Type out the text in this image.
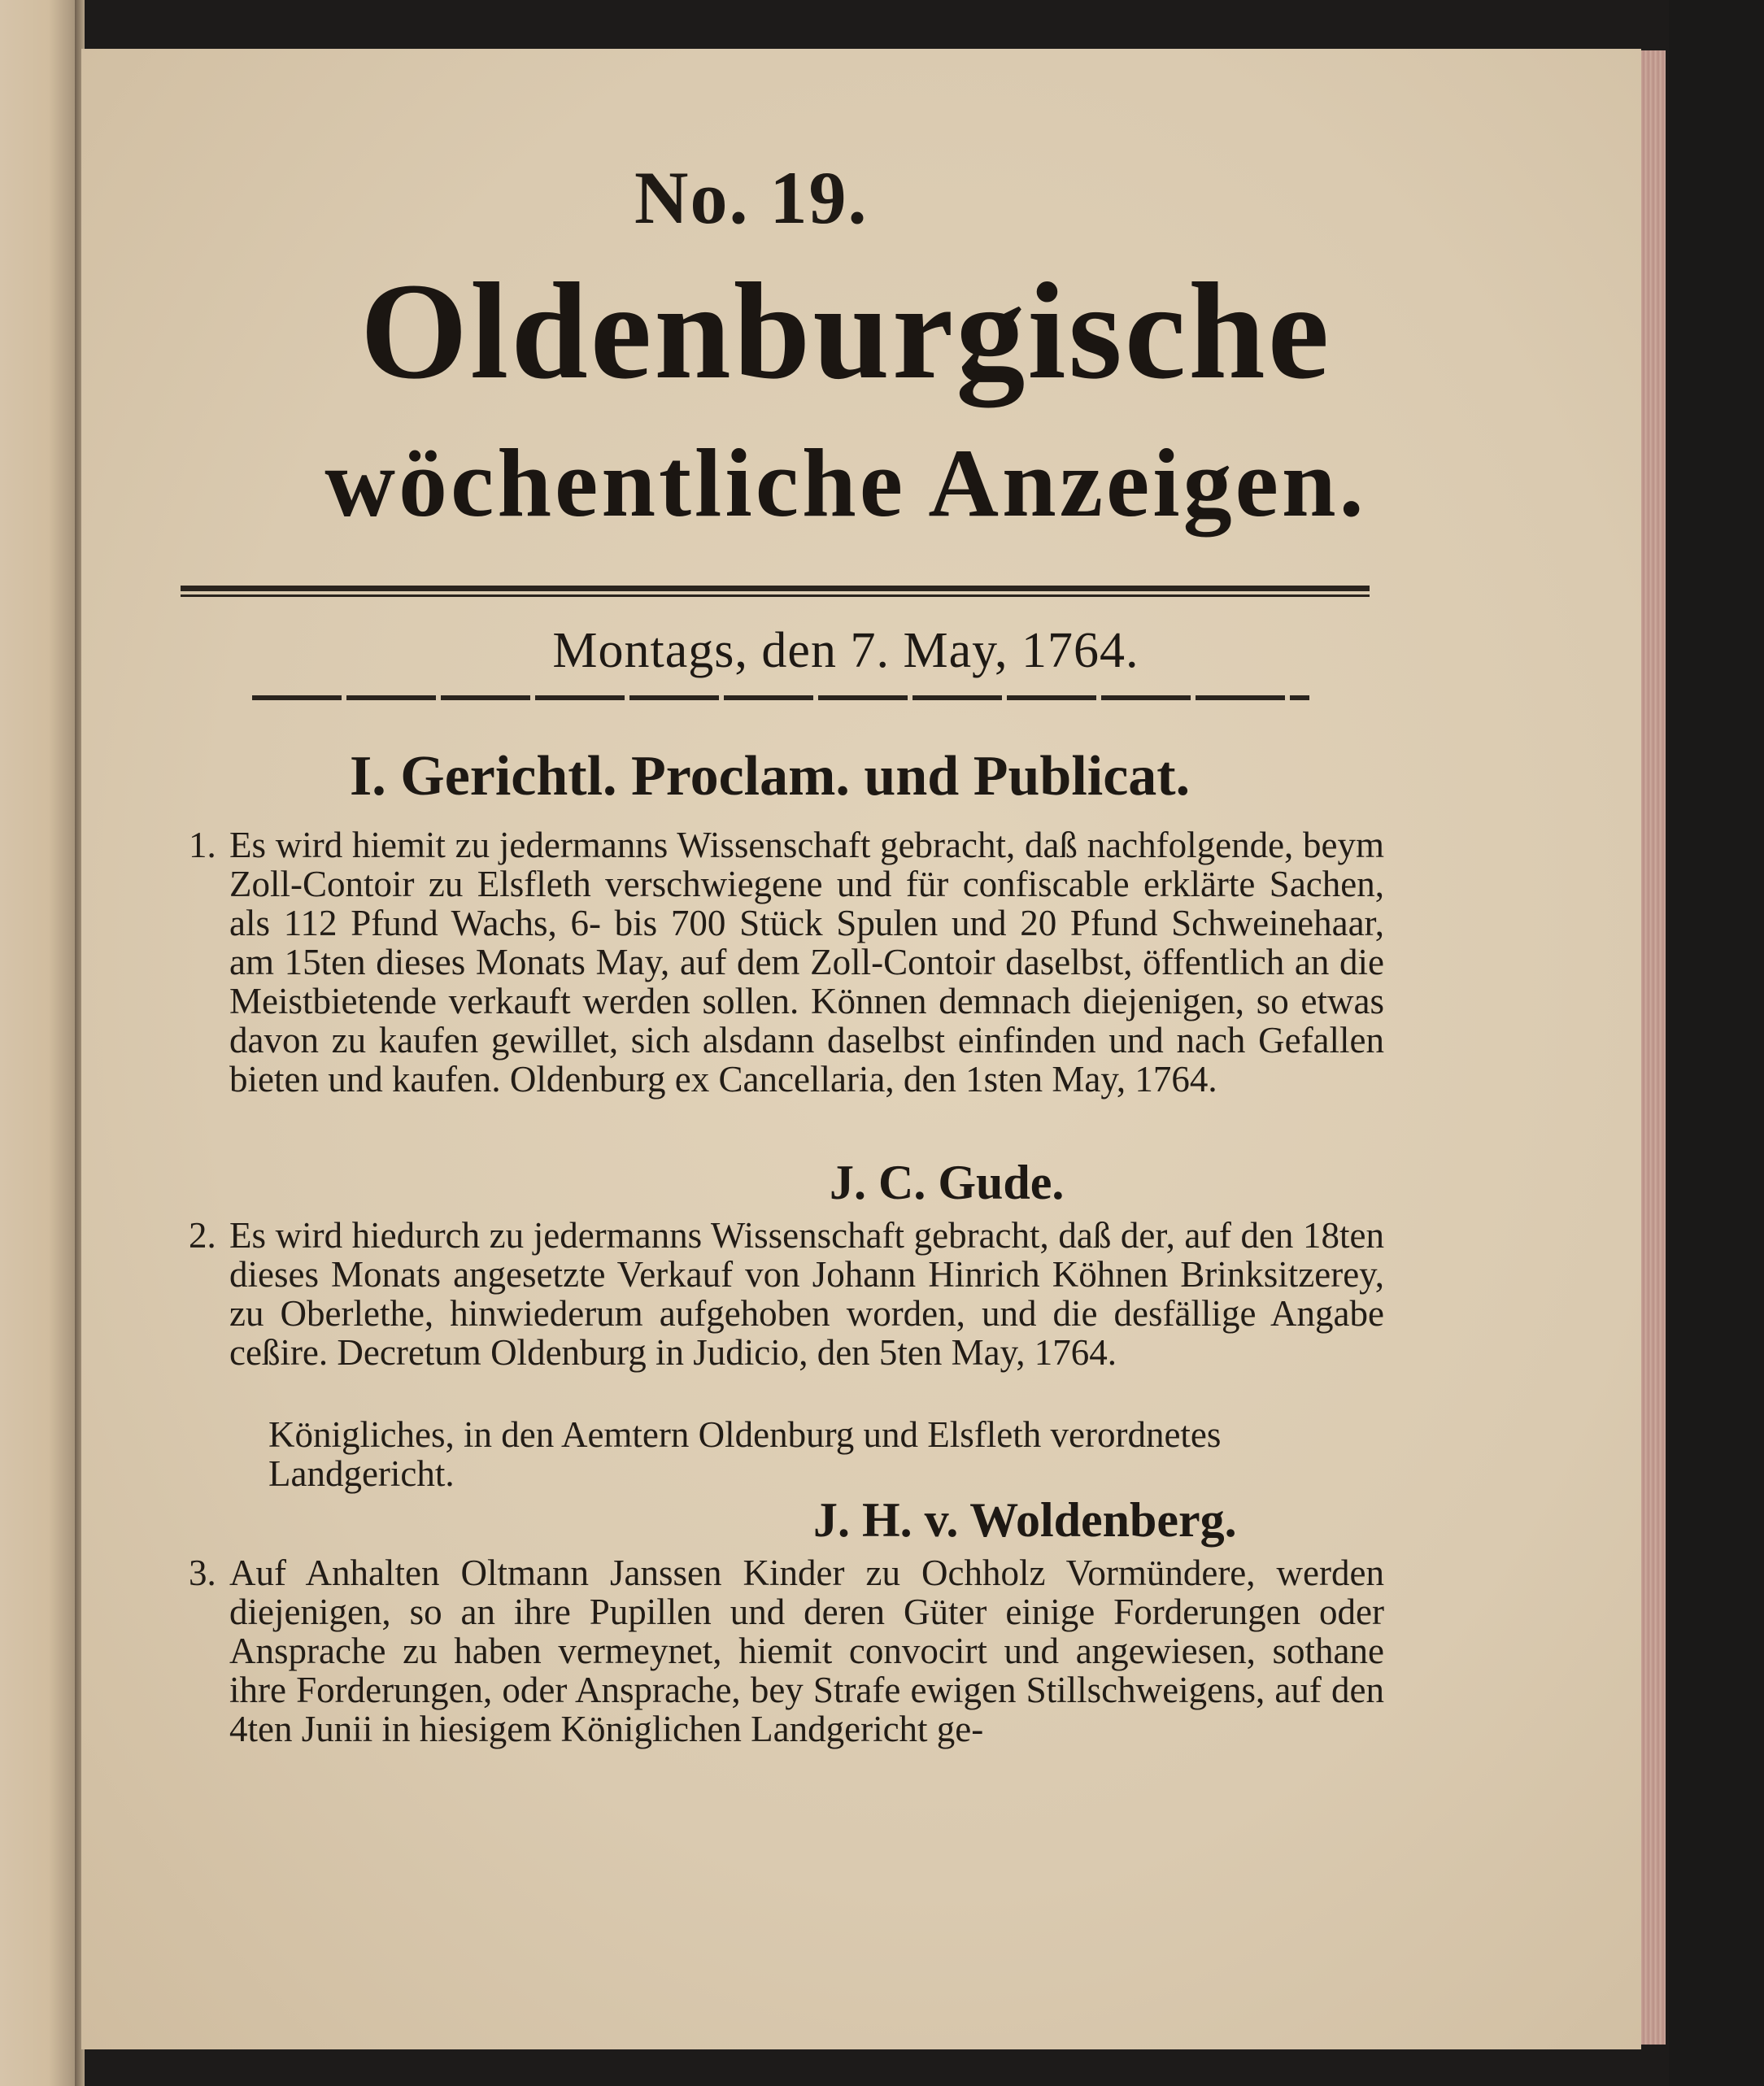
No. 19.
Oldenburgische
wöchentliche Anzeigen.
Montags, den 7. May, 1764.
I. Gerichtl. Proclam. und Publicat.
1. Es wird hiemit zu jedermanns Wissenschaft gebracht, daß nachfolgende, beym Zoll-Contoir zu Elsfleth verschwiegene und für confiscable erklärte Sachen, als 112 Pfund Wachs, 6- bis 700 Stück Spulen und 20 Pfund Schweinehaar, am 15ten dieses Monats May, auf dem Zoll-Contoir daselbst, öffentlich an die Meistbietende verkauft werden sollen. Können demnach diejenigen, so etwas davon zu kaufen gewillet, sich alsdann daselbst einfinden und nach Gefallen bieten und kaufen. Oldenburg ex Cancellaria, den 1sten May, 1764.
J. C. Gude.
2. Es wird hiedurch zu jedermanns Wissenschaft gebracht, daß der, auf den 18ten dieses Monats angesetzte Verkauf von Johann Hinrich Köhnen Brinksitzerey, zu Oberlethe, hinwiederum aufgehoben worden, und die desfällige Angabe ceßire. Decretum Oldenburg in Judicio, den 5ten May, 1764.
Königliches, in den Aemtern Oldenburg und Elsfleth verordnetes Landgericht.
J. H. v. Woldenberg.
3. Auf Anhalten Oltmann Janssen Kinder zu Ochholz Vormündere, werden diejenigen, so an ihre Pupillen und deren Güter einige Forderungen oder Ansprache zu haben vermeynet, hiemit convocirt und angewiesen, sothane ihre Forderungen, oder Ansprache, bey Strafe ewigen Stillschweigens, auf den 4ten Junii in hiesigem Königlichen Landgericht ge-
